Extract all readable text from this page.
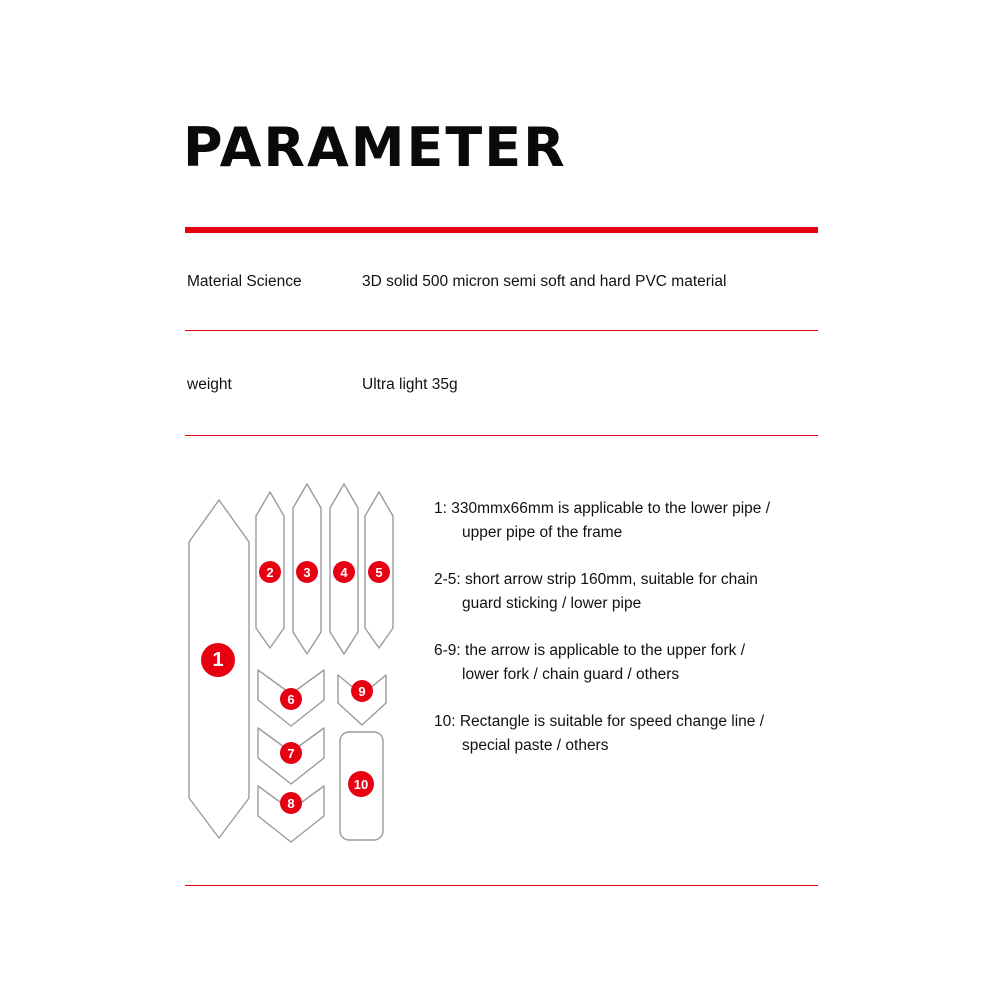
PARAMETER
Material Science	3D solid 500 micron semi soft and hard PVC material
weight	Ultra light 35g
1
2	3	4	5
6
7
8
9
10
1: 330mmx66mm is applicable to the lower pipe /
upper pipe of the frame
2-5: short arrow strip 160mm, suitable for chain
guard sticking / lower pipe
6-9: the arrow is applicable to the upper fork /
lower fork / chain guard / others
10: Rectangle is suitable for speed change line /
special paste / others
